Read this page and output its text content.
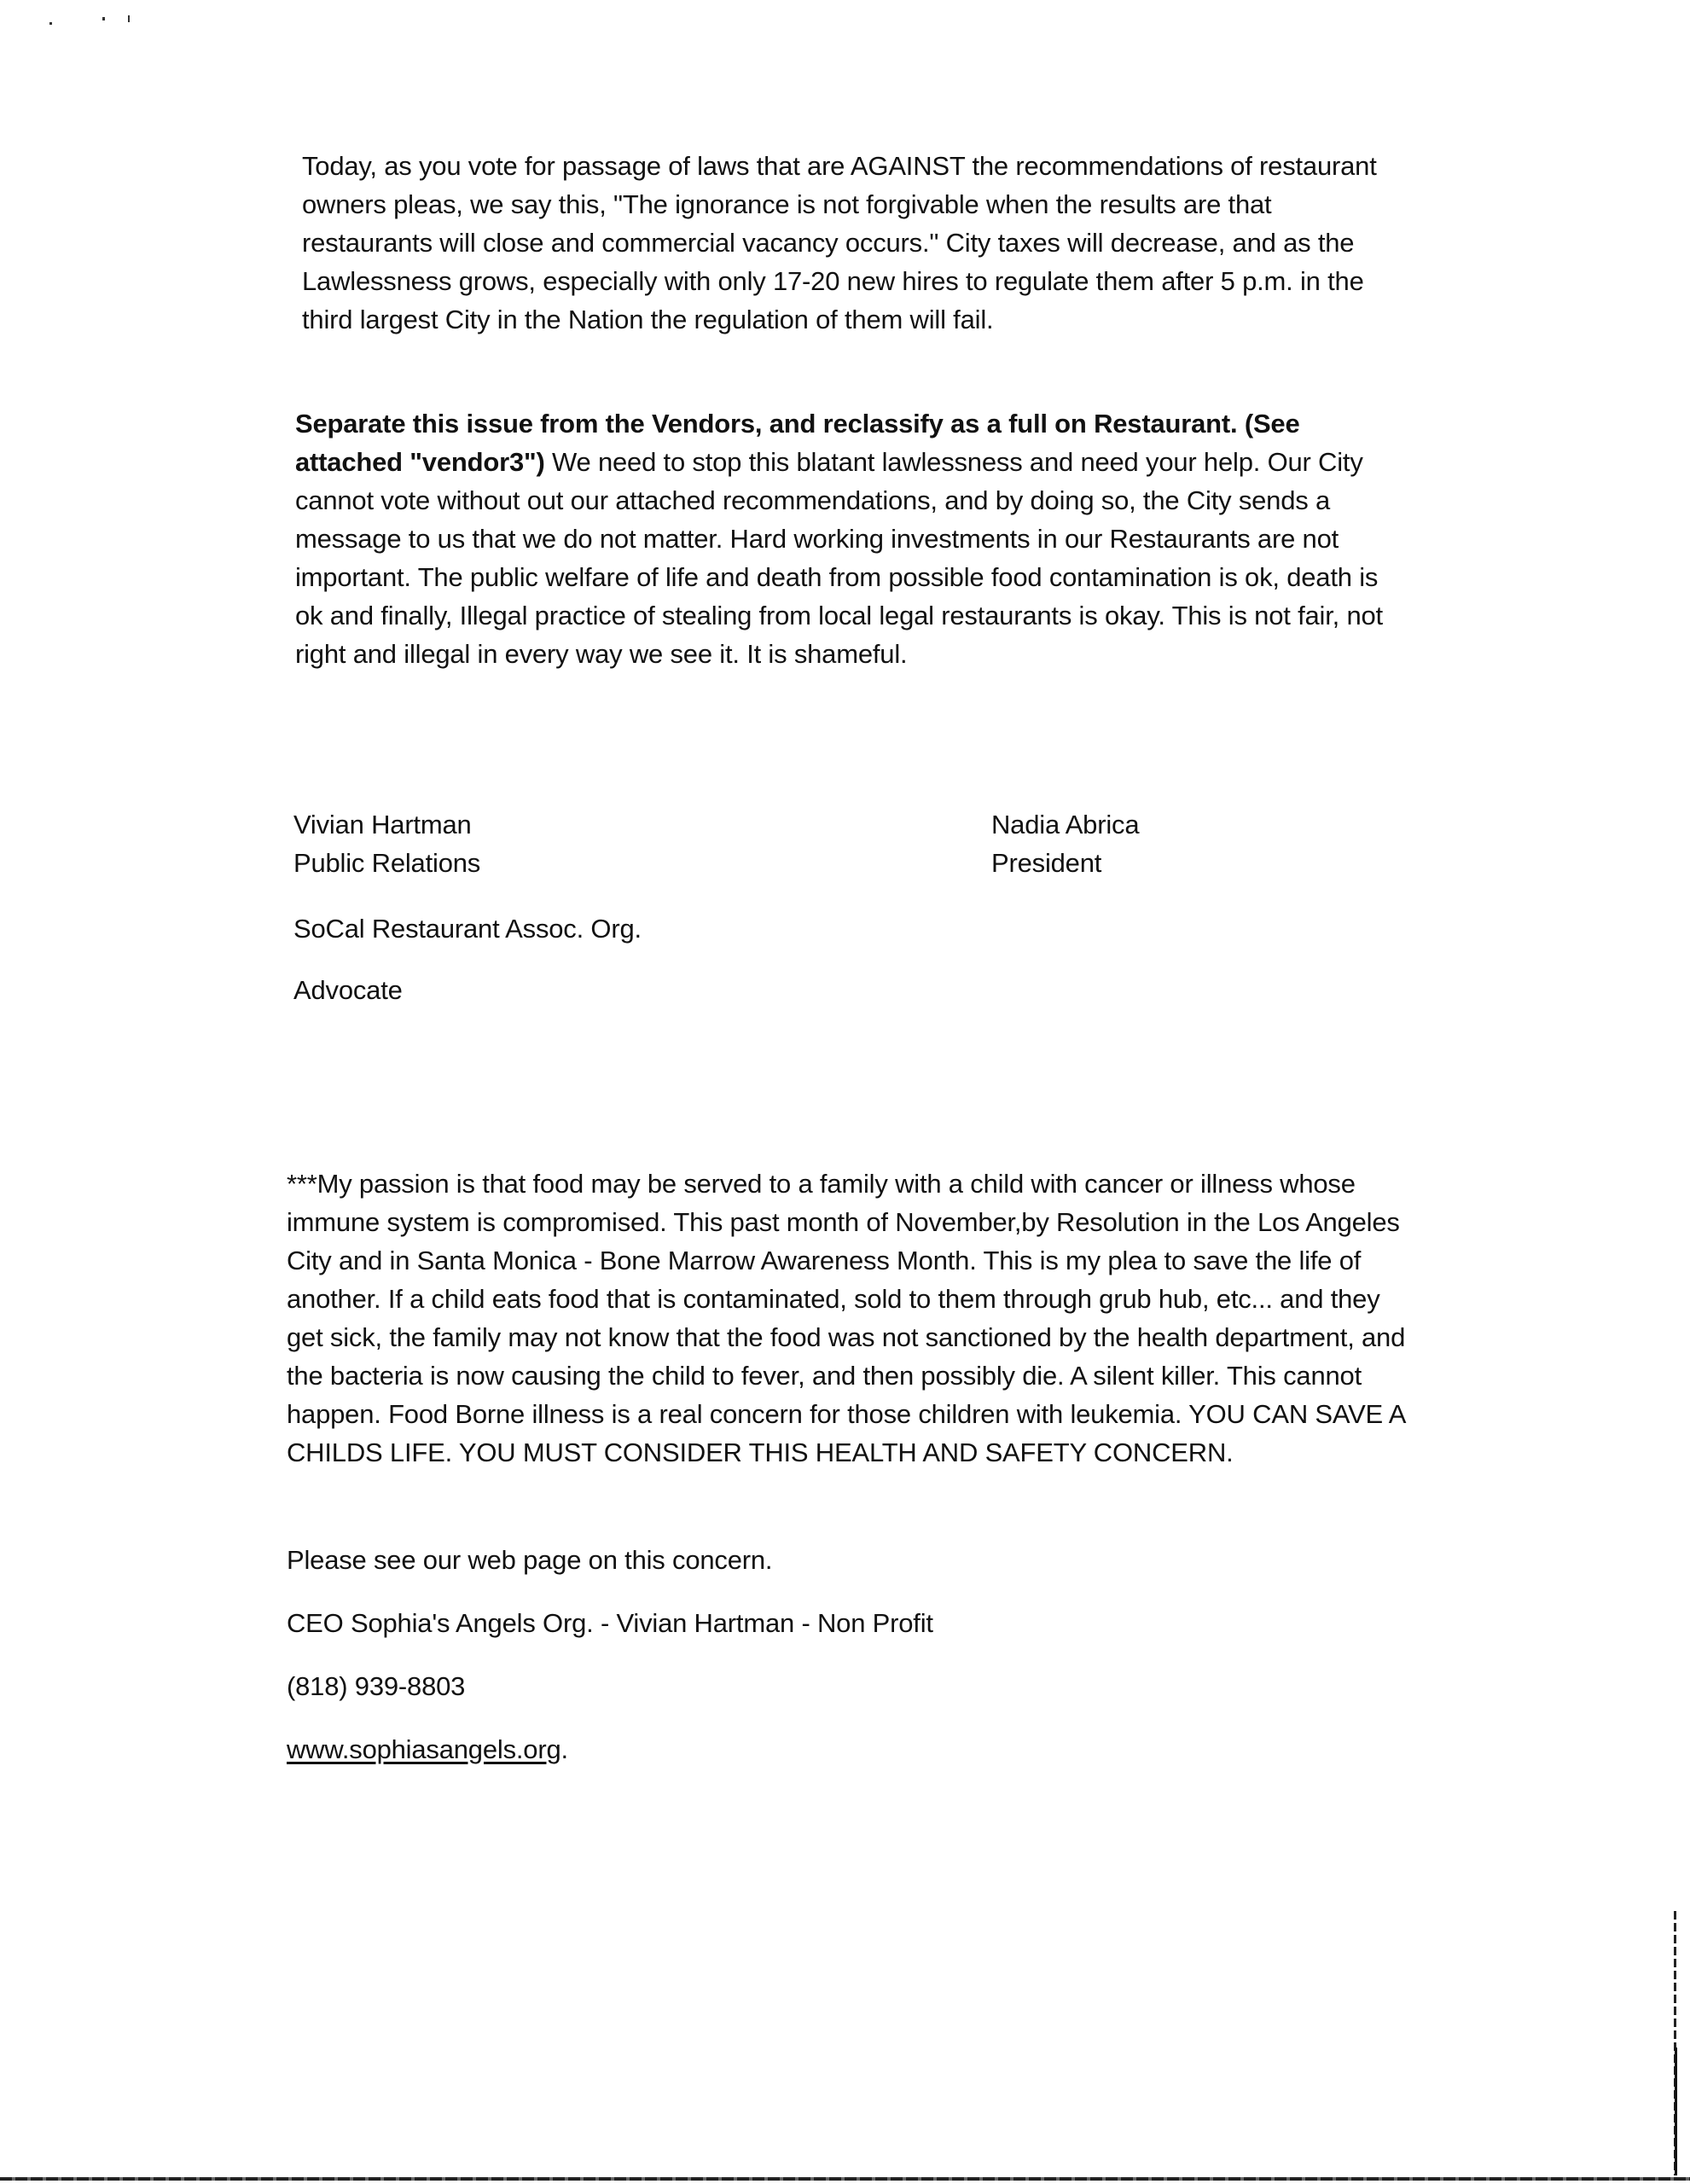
Today, as you vote for passage of laws that are AGAINST the recommendations of restaurant owners pleas, we say this, "The ignorance is not forgivable when the results are that restaurants will close and commercial vacancy occurs." City taxes will decrease, and as the Lawlessness grows, especially with only 17-20 new hires to regulate them after 5 p.m. in the third largest City in the Nation the regulation of them will fail.

Separate this issue from the Vendors, and reclassify as a full on Restaurant. (See attached "vendor3") We need to stop this blatant lawlessness and need your help. Our City cannot vote without out our attached recommendations, and by doing so, the City sends a message to us that we do not matter. Hard working investments in our Restaurants are not important. The public welfare of life and death from possible food contamination is ok, death is ok and finally, Illegal practice of stealing from local legal restaurants is okay. This is not fair, not right and illegal in every way we see it. It is shameful.

Vivian Hartman
Public Relations
Nadia Abrica
President
SoCal Restaurant Assoc. Org.
Advocate

***My passion is that food may be served to a family with a child with cancer or illness whose immune system is compromised. This past month of November,by Resolution in the Los Angeles City and in Santa Monica - Bone Marrow Awareness Month. This is my plea to save the life of another. If a child eats food that is contaminated, sold to them through grub hub, etc... and they get sick, the family may not know that the food was not sanctioned by the health department, and the bacteria is now causing the child to fever, and then possibly die. A silent killer. This cannot happen. Food Borne illness is a real concern for those children with leukemia. YOU CAN SAVE A CHILDS LIFE. YOU MUST CONSIDER THIS HEALTH AND SAFETY CONCERN.

Please see our web page on this concern.
CEO Sophia's Angels Org. - Vivian Hartman - Non Profit
(818) 939-8803
www.sophiasangels.org.
